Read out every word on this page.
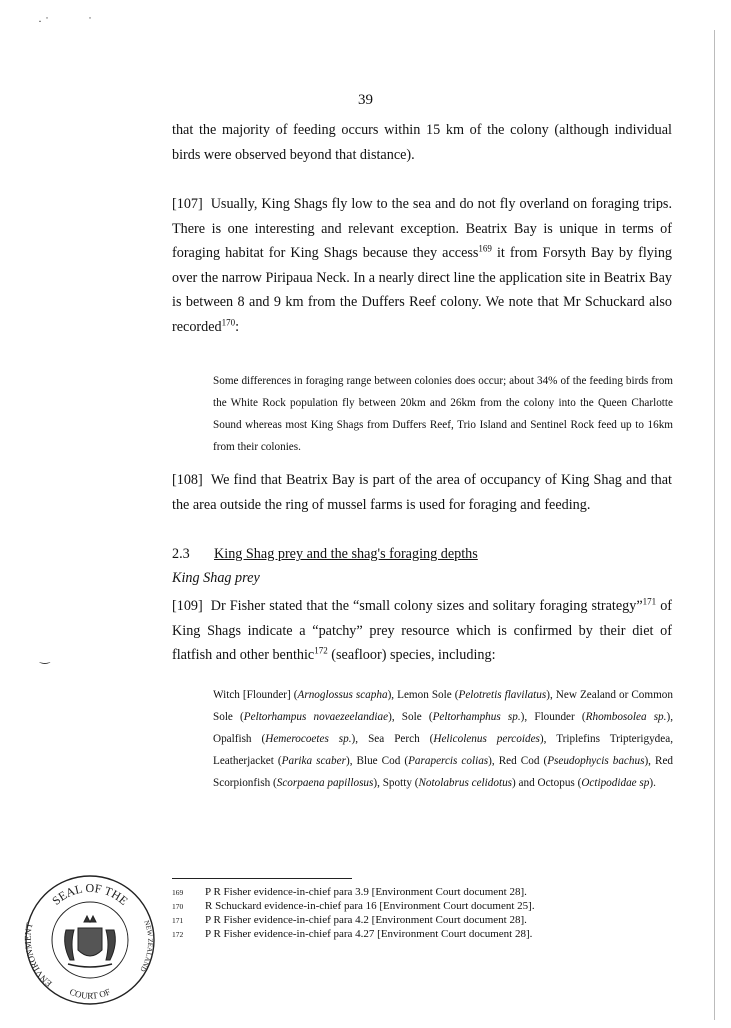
· ˙	˙
‿
39
that the majority of feeding occurs within 15 km of the colony (although individual birds were observed beyond that distance).
[107] Usually, King Shags fly low to the sea and do not fly overland on foraging trips. There is one interesting and relevant exception. Beatrix Bay is unique in terms of foraging habitat for King Shags because they access$^{169}$ it from Forsyth Bay by flying over the narrow Piripaua Neck. In a nearly direct line the application site in Beatrix Bay is between 8 and 9 km from the Duffers Reef colony. We note that Mr Schuckard also recorded$^{170}$:
Some differences in foraging range between colonies does occur; about 34% of the feeding birds from the White Rock population fly between 20km and 26km from the colony into the Queen Charlotte Sound whereas most King Shags from Duffers Reef, Trio Island and Sentinel Rock feed up to 16km from their colonies.
[108] We find that Beatrix Bay is part of the area of occupancy of King Shag and that the area outside the ring of mussel farms is used for foraging and feeding.
2.3 King Shag prey and the shag's foraging depths
King Shag prey
[109] Dr Fisher stated that the “small colony sizes and solitary foraging strategy”$^{171}$ of King Shags indicate a “patchy” prey resource which is confirmed by their diet of flatfish and other benthic$^{172}$ (seafloor) species, including:
Witch [Flounder] (Arnoglossus scapha), Lemon Sole (Pelotretis flavilatus), New Zealand or Common Sole (Peltorhampus novaezeelandiae), Sole (Peltorhamphus sp.), Flounder (Rhombosolea sp.), Opalfish (Hemerocoetes sp.), Sea Perch (Helicolenus percoides), Triplefins Tripterigydea, Leatherjacket (Parika scaber), Blue Cod (Parapercis colias), Red Cod (Pseudophycis bachus), Red Scorpionfish (Scorpaena papillosus), Spotty (Notolabrus celidotus) and Octopus (Octipodidae sp).
169 P R Fisher evidence-in-chief para 3.9 [Environment Court document 28].
170 R Schuckard evidence-in-chief para 16 [Environment Court document 25].
171 P R Fisher evidence-in-chief para 4.2 [Environment Court document 28].
172 P R Fisher evidence-in-chief para 4.27 [Environment Court document 28].
SEAL OF THE
ENVIRONMENT
COURT OF
NEW ZEALAND
